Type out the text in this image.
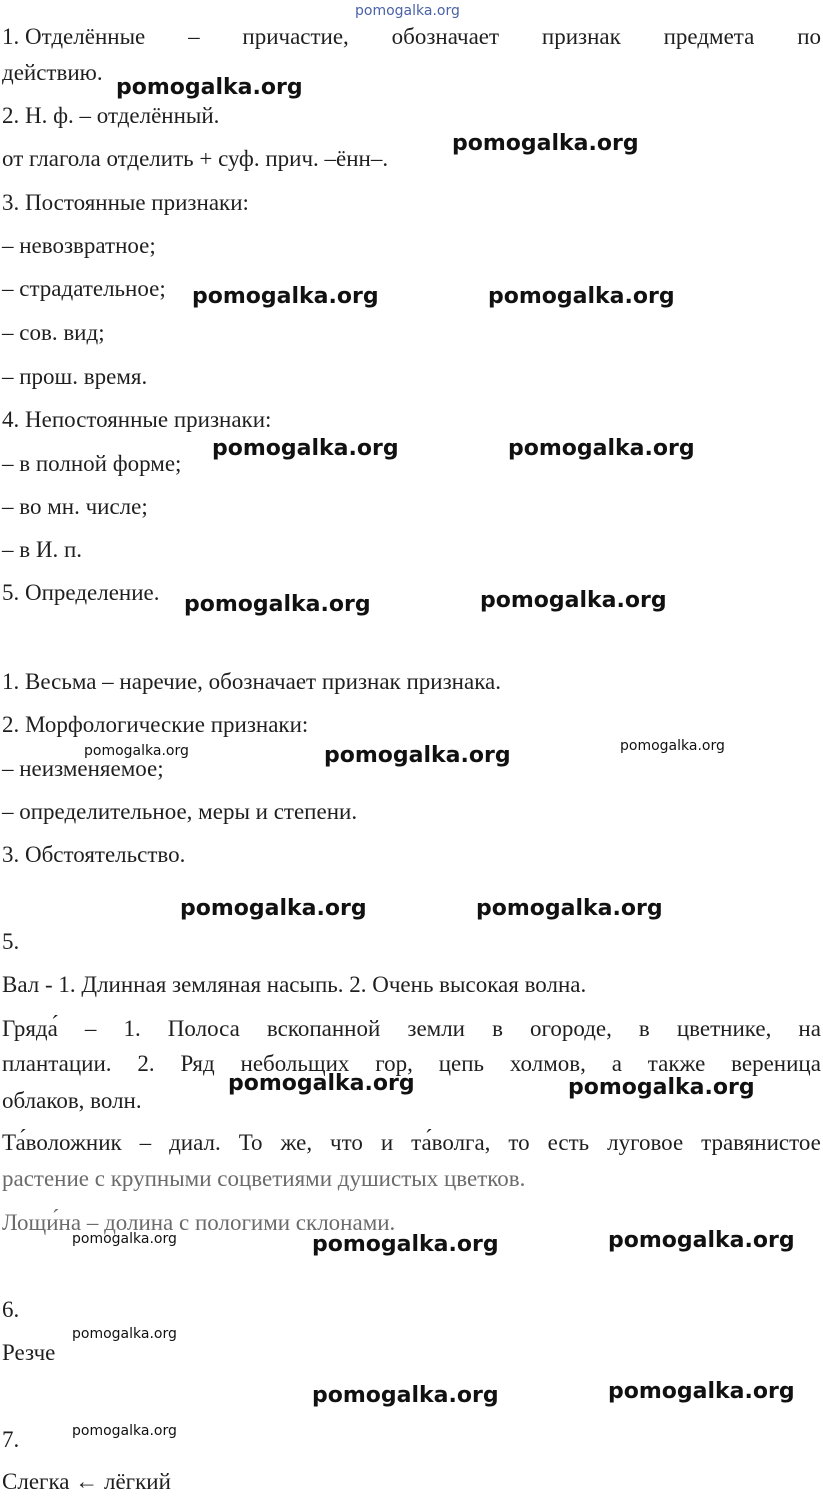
pomogalka.org
1. Отделённые – причастие, обозначает признак предмета по
действию.
2. Н. ф. – отделённый.
от глагола отделить + суф. прич. –ённ–.
3. Постоянные признаки:
– невозвратное;
– страдательное;
– сов. вид;
– прош. время.
4. Непостоянные признаки:
– в полной форме;
– во мн. числе;
– в И. п.
5. Определение.
1. Весьма – наречие, обозначает признак признака.
2. Морфологические признаки:
– неизменяемое;
– определительное, меры и степени.
3. Обстоятельство.
5.
Вал - 1. Длинная земляная насыпь. 2. Очень высокая волна.
Гряда́ – 1. Полоса вскопанной земли в огороде, в цветнике, на
плантации. 2. Ряд небольщих гор, цепь холмов, а также вереница
облаков, волн.
Та́воложник – диал. То же, что и та́волга, то есть луговое травянистое
растение с крупными соцветиями душистых цветков.
Лощи́на – долина с пологими склонами.
6.
Резче
7.
Слегка ← лёгкий
pomogalka.org
pomogalka.org
pomogalka.org	pomogalka.org
pomogalka.org	pomogalka.org
pomogalka.org	pomogalka.org
pomogalka.org	pomogalka.org	pomogalka.org
pomogalka.org	pomogalka.org
pomogalka.org	pomogalka.org
pomogalka.org	pomogalka.org	pomogalka.org
pomogalka.org
pomogalka.org	pomogalka.org
pomogalka.org
